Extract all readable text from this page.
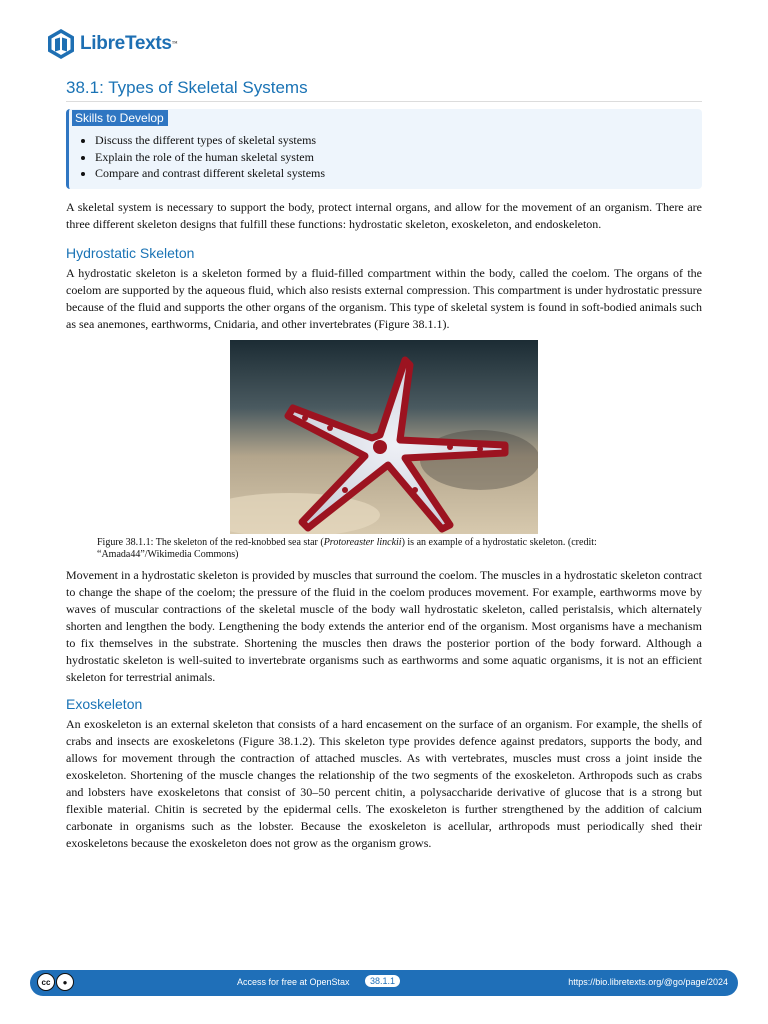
LibreTexts ™
38.1: Types of Skeletal Systems
Skills to Develop
• Discuss the different types of skeletal systems
• Explain the role of the human skeletal system
• Compare and contrast different skeletal systems

A skeletal system is necessary to support the body, protect internal organs, and allow for the movement of an organism. There are three different skeleton designs that fulfill these functions: hydrostatic skeleton, exoskeleton, and endoskeleton.

Hydrostatic Skeleton

A hydrostatic skeleton is a skeleton formed by a fluid-filled compartment within the body, called the coelom. The organs of the coelom are supported by the aqueous fluid, which also resists external compression. This compartment is under hydrostatic pressure because of the fluid and supports the other organs of the organism. This type of skeletal system is found in soft-bodied animals such as sea anemones, earthworms, Cnidaria, and other invertebrates (Figure 38.1.1).

Figure 38.1.1: The skeleton of the red-knobbed sea star (Protoreaster linckii) is an example of a hydrostatic skeleton. (credit: “Amada44”/Wikimedia Commons)

Movement in a hydrostatic skeleton is provided by muscles that surround the coelom. The muscles in a hydrostatic skeleton contract to change the shape of the coelom; the pressure of the fluid in the coelom produces movement. For example, earthworms move by waves of muscular contractions of the skeletal muscle of the body wall hydrostatic skeleton, called peristalsis, which alternately shorten and lengthen the body. Lengthening the body extends the anterior end of the organism. Most organisms have a mechanism to fix themselves in the substrate. Shortening the muscles then draws the posterior portion of the body forward. Although a hydrostatic skeleton is well-suited to invertebrate organisms such as earthworms and some aquatic organisms, it is not an efficient skeleton for terrestrial animals.

Exoskeleton

An exoskeleton is an external skeleton that consists of a hard encasement on the surface of an organism. For example, the shells of crabs and insects are exoskeletons (Figure 38.1.2). This skeleton type provides defence against predators, supports the body, and allows for movement through the contraction of attached muscles. As with vertebrates, muscles must cross a joint inside the exoskeleton. Shortening of the muscle changes the relationship of the two segments of the exoskeleton. Arthropods such as crabs and lobsters have exoskeletons that consist of 30–50 percent chitin, a polysaccharide derivative of glucose that is a strong but flexible material. Chitin is secreted by the epidermal cells. The exoskeleton is further strengthened by the addition of calcium carbonate in organisms such as the lobster. Because the exoskeleton is acellular, arthropods must periodically shed their exoskeletons because the exoskeleton does not grow as the organism grows.

cc	●	Access for free at OpenStax	38.1.1	https://bio.libretexts.org/@go/page/2024
